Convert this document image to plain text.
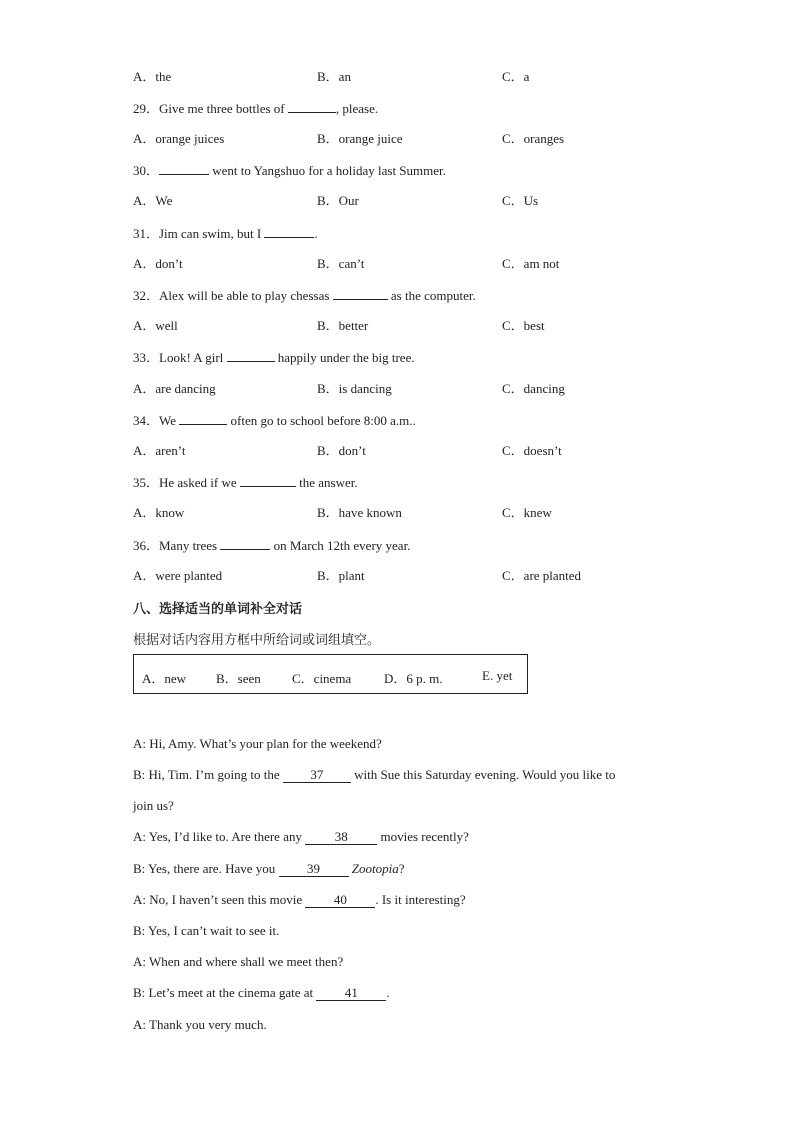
A．the	B．an	C．a
29．Give me three bottles of	, please.
A．orange juices	B．orange juice	C．oranges
30．	went to Yangshuo for a holiday last Summer.
A．We	B．Our	C．Us
31．Jim can swim, but I	.
A．don’t	B．can’t	C．am not
32．Alex will be able to play chessas	as the computer.
A．well	B．better	C．best
33．Look! A girl	happily under the big tree.
A．are dancing	B．is dancing	C．dancing
34．We	often go to school before 8:00 a.m..
A．aren’t	B．don’t	C．doesn’t
35．He asked if we	the answer.
A．know	B．have known	C．knew
36．Many trees	on March 12th every year.
A．were planted	B．plant	C．are planted
八、选择适当的单词补全对话
根据对话内容用方框中所给词或词组填空。
A．new B．seen C．cinema	D．6 p. m.	E. yet
A: Hi, Amy. What’s your plan for the weekend?
B: Hi, Tim. I’m going to the 37 with Sue this Saturday evening. Would you like to
join us?
A: Yes, I’d like to. Are there any 38 movies recently?
B: Yes, there are. Have you 39 Zootopia?
A: No, I haven’t seen this movie 40 . Is it interesting?
B: Yes, I can’t wait to see it.
A: When and where shall we meet then?
B: Let’s meet at the cinema gate at 41 .
A: Thank you very much.
